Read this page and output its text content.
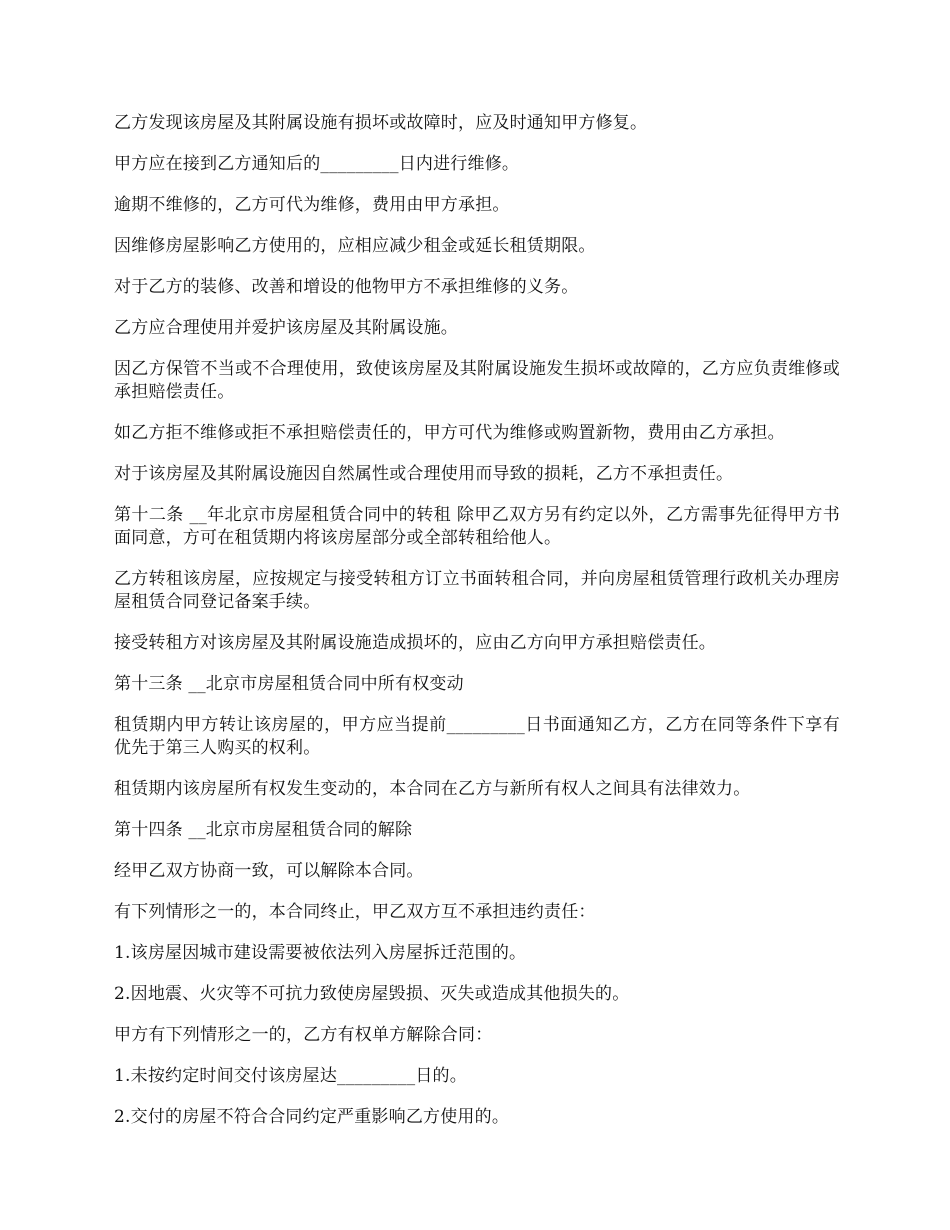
乙方发现该房屋及其附属设施有损坏或故障时，应及时通知甲方修复。

甲方应在接到乙方通知后的_________日内进行维修。

逾期不维修的，乙方可代为维修，费用由甲方承担。

因维修房屋影响乙方使用的，应相应减少租金或延长租赁期限。

对于乙方的装修、改善和增设的他物甲方不承担维修的义务。

乙方应合理使用并爱护该房屋及其附属设施。

因乙方保管不当或不合理使用，致使该房屋及其附属设施发生损坏或故障的，乙方应负责维修或承担赔偿责任。

如乙方拒不维修或拒不承担赔偿责任的，甲方可代为维修或购置新物，费用由乙方承担。

对于该房屋及其附属设施因自然属性或合理使用而导致的损耗，乙方不承担责任。

第十二条 __年北京市房屋租赁合同中的转租 除甲乙双方另有约定以外，乙方需事先征得甲方书面同意，方可在租赁期内将该房屋部分或全部转租给他人。

乙方转租该房屋，应按规定与接受转租方订立书面转租合同，并向房屋租赁管理行政机关办理房屋租赁合同登记备案手续。

接受转租方对该房屋及其附属设施造成损坏的，应由乙方向甲方承担赔偿责任。

第十三条 __北京市房屋租赁合同中所有权变动

租赁期内甲方转让该房屋的，甲方应当提前_________日书面通知乙方，乙方在同等条件下享有优先于第三人购买的权利。

租赁期内该房屋所有权发生变动的，本合同在乙方与新所有权人之间具有法律效力。

第十四条 __北京市房屋租赁合同的解除

经甲乙双方协商一致，可以解除本合同。

有下列情形之一的，本合同终止，甲乙双方互不承担违约责任：

1.该房屋因城市建设需要被依法列入房屋拆迁范围的。

2.因地震、火灾等不可抗力致使房屋毁损、灭失或造成其他损失的。

甲方有下列情形之一的，乙方有权单方解除合同：

1.未按约定时间交付该房屋达_________日的。

2.交付的房屋不符合合同约定严重影响乙方使用的。
